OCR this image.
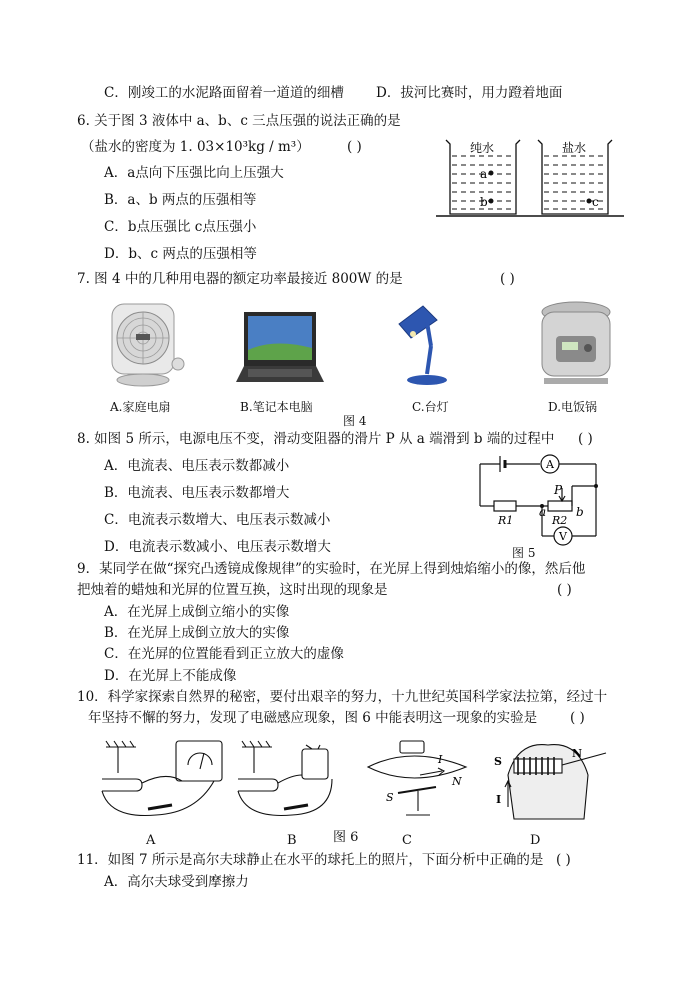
C．刚竣工的水泥路面留着一道道的细槽 D．拔河比赛时，用力蹬着地面
6. 关于图 3 液体中 a、b、c 三点压强的说法正确的是
（盐水的密度为 1. 03×10³kg / m³）	( )
A．a点向下压强比向上压强大
B．a、b 两点的压强相等
C．b点压强比 c点压强小
D．b、c 两点的压强相等
纯水
a
b
盐水
c
7. 图 4 中的几种用电器的额定功率最接近 800W 的是	( )
A.家庭电扇	B.笔记本电脑	C.台灯	D.电饭锅
图 4
8. 如图 5 所示，电源电压不变，滑动变阻器的滑片 P 从 a 端滑到 b 端的过程中 ( )
A．电流表、电压表示数都减小
B．电流表、电压表示数都增大
C．电流表示数增大、电压表示数减小
D．电流表示数减小、电压表示数增大
A
V
P
a b
R1	R2
图 5
9．某同学在做“探究凸透镜成像规律”的实验时，在光屏上得到烛焰缩小的像，然后他
把烛着的蜡烛和光屏的位置互换，这时出现的现象是	( )
A．在光屏上成倒立缩小的实像
B．在光屏上成倒立放大的实像
C．在光屏的位置能看到正立放大的虚像
D．在光屏上不能成像
10．科学家探索自然界的秘密，要付出艰辛的努力，十九世纪英国科学家法拉第，经过十
年坚持不懈的努力，发现了电磁感应现象，图 6 中能表明这一现象的实验是 ( )
N
S
I	S
N
I
A	B	图 6	C	D
11．如图 7 所示是高尔夫球静止在水平的球托上的照片，下面分析中正确的是 ( )
A．高尔夫球受到摩擦力
